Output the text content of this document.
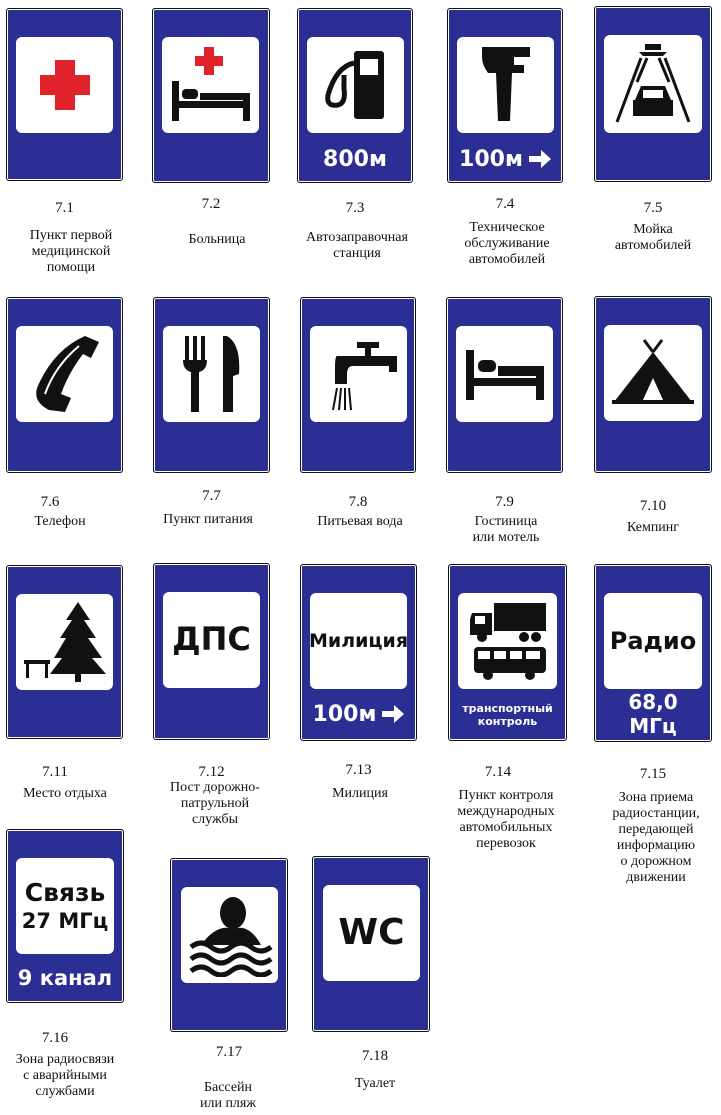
7.1
Пункт первой
медицинской
помощи
7.2
Больница
800м
7.3
Автозаправочная
станция
100м
7.4
Техническое
обслуживание
автомобилей
7.5
Мойка
автомобилей
7.6
Телефон
7.7
Пункт питания
7.8
Питьевая вода
7.9
Гостиница
или мотель
7.10
Кемпинг
7.11
Место отдыха
ДПС
7.12
Пост дорожно-
патрульной
службы
Милиция
100м
7.13
Милиция
транспортный
контроль
7.14
Пункт контроля
международных
автомобильных
перевозок
Радио
68,0
МГц
7.15
Зона приема
радиостанции,
передающей
информацию
о дорожном
движении
Связь
27 МГц
9 канал
7.16
Зона радиосвязи
с аварийными
службами
7.17
Бассейн
или пляж
WC
7.18
Туалет
